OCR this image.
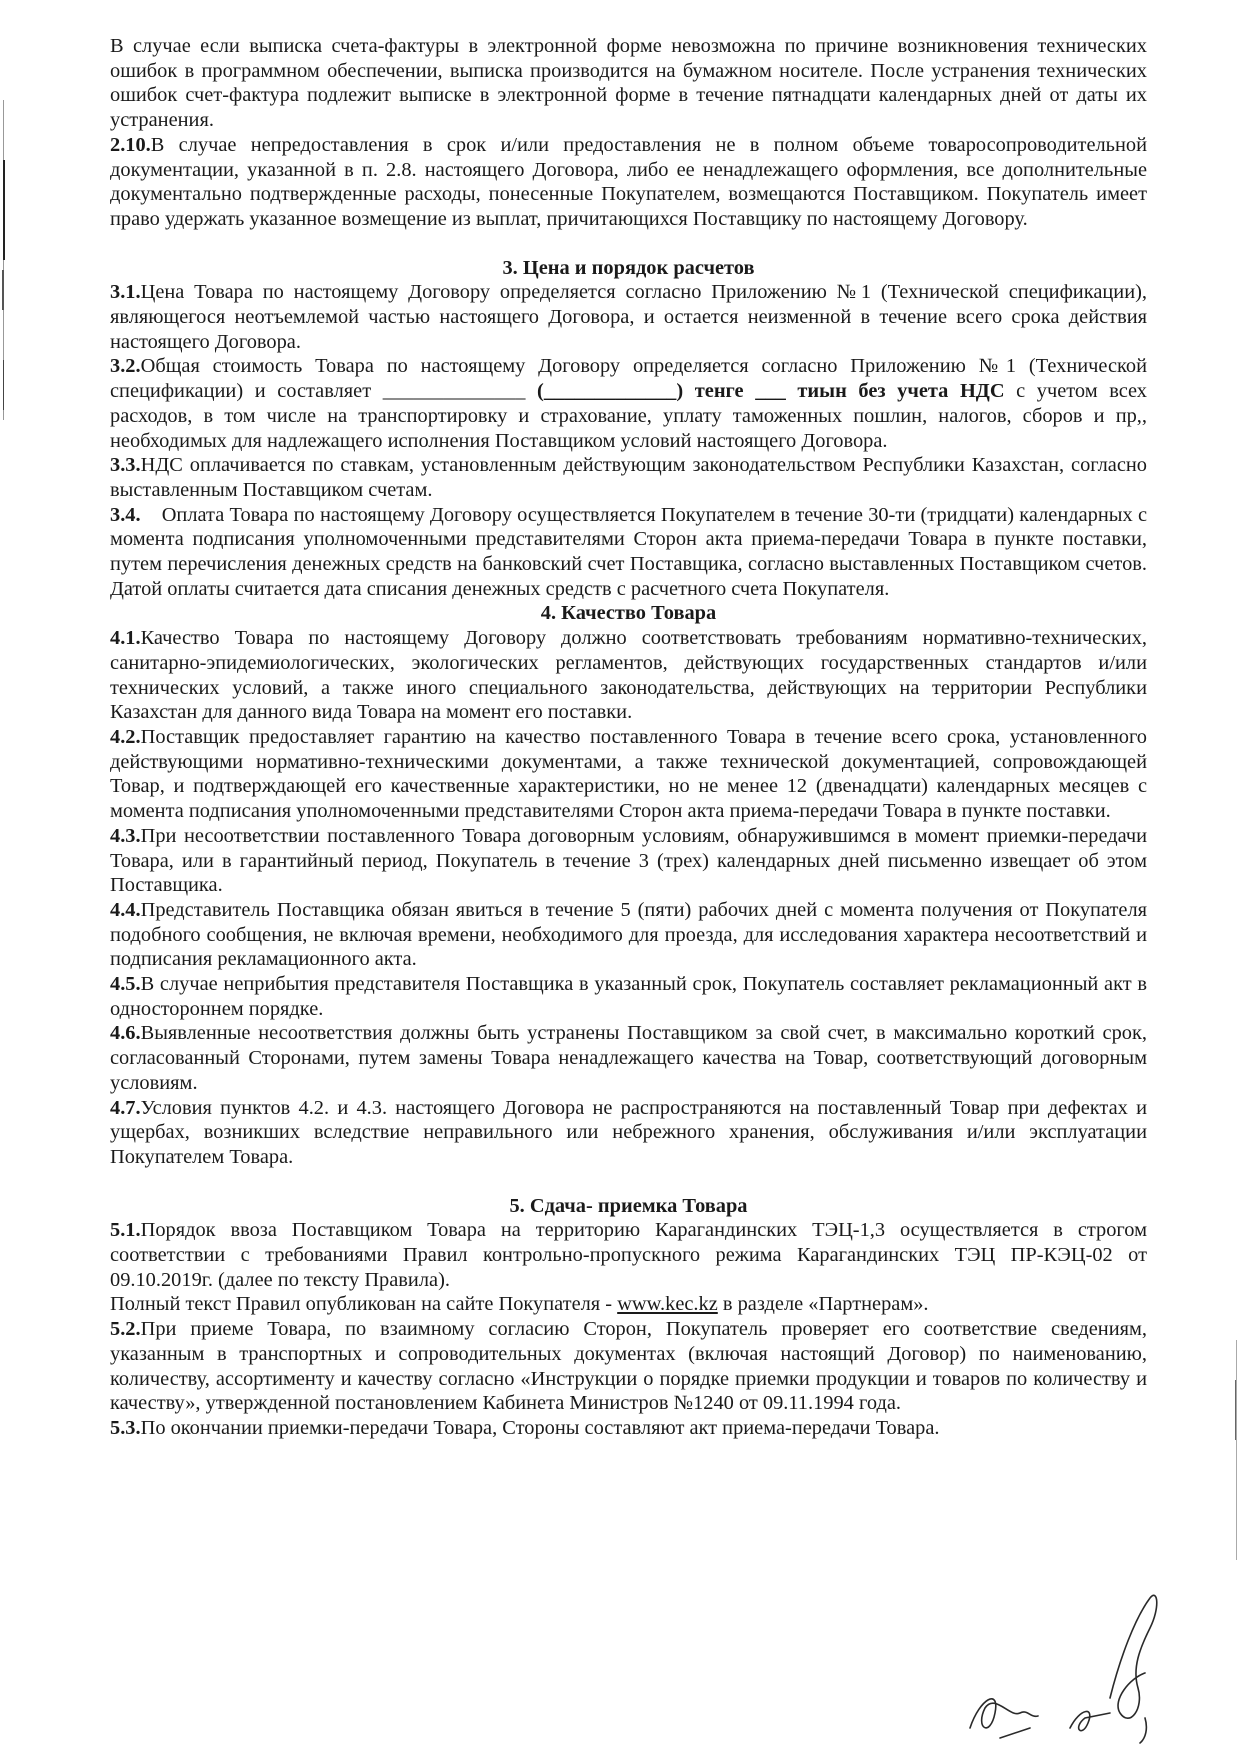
В случае если выписка счета-фактуры в электронной форме невозможна по причине возникновения технических ошибок в программном обеспечении, выписка производится на бумажном носителе. После устранения технических ошибок счет-фактура подлежит выписке в электронной форме в течение пятнадцати календарных дней от даты их устранения.

2.10.В случае непредоставления в срок и/или предоставления не в полном объеме товаросопроводительной документации, указанной в п. 2.8. настоящего Договора, либо ее ненадлежащего оформления, все дополнительные документально подтвержденные расходы, понесенные Покупателем, возмещаются Поставщиком. Покупатель имеет право удержать указанное возмещение из выплат, причитающихся Поставщику по настоящему Договору.

3. Цена и порядок расчетов

3.1.Цена Товара по настоящему Договору определяется согласно Приложению №1 (Технической спецификации), являющегося неотъемлемой частью настоящего Договора, и остается неизменной в течение всего срока действия настоящего Договора.

3.2.Общая стоимость Товара по настоящему Договору определяется согласно Приложению №1 (Технической спецификации) и составляет ______________ (_____________) тенге ___ тиын без учета НДС с учетом всех расходов, в том числе на транспортировку и страхование, уплату таможенных пошлин, налогов, сборов и пр,, необходимых для надлежащего исполнения Поставщиком условий настоящего Договора.

3.3.НДС оплачивается по ставкам, установленным действующим законодательством Республики Казахстан, согласно выставленным Поставщиком счетам.

3.4. Оплата Товара по настоящему Договору осуществляется Покупателем в течение 30-ти (тридцати) календарных с момента подписания уполномоченными представителями Сторон акта приема-передачи Товара в пункте поставки, путем перечисления денежных средств на банковский счет Поставщика, согласно выставленных Поставщиком счетов. Датой оплаты считается дата списания денежных средств с расчетного счета Покупателя.

4. Качество Товара

4.1.Качество Товара по настоящему Договору должно соответствовать требованиям нормативно-технических, санитарно-эпидемиологических, экологических регламентов, действующих государственных стандартов и/или технических условий, а также иного специального законодательства, действующих на территории Республики Казахстан для данного вида Товара на момент его поставки.

4.2.Поставщик предоставляет гарантию на качество поставленного Товара в течение всего срока, установленного действующими нормативно-техническими документами, а также технической документацией, сопровождающей Товар, и подтверждающей его качественные характеристики, но не менее 12 (двенадцати) календарных месяцев с момента подписания уполномоченными представителями Сторон акта приема-передачи Товара в пункте поставки.

4.3.При несоответствии поставленного Товара договорным условиям, обнаружившимся в момент приемки-передачи Товара, или в гарантийный период, Покупатель в течение 3 (трех) календарных дней письменно извещает об этом Поставщика.

4.4.Представитель Поставщика обязан явиться в течение 5 (пяти) рабочих дней с момента получения от Покупателя подобного сообщения, не включая времени, необходимого для проезда, для исследования характера несоответствий и подписания рекламационного акта.

4.5.В случае неприбытия представителя Поставщика в указанный срок, Покупатель составляет рекламационный акт в одностороннем порядке.

4.6.Выявленные несоответствия должны быть устранены Поставщиком за свой счет, в максимально короткий срок, согласованный Сторонами, путем замены Товара ненадлежащего качества на Товар, соответствующий договорным условиям.

4.7.Условия пунктов 4.2. и 4.3. настоящего Договора не распространяются на поставленный Товар при дефектах и ущербах, возникших вследствие неправильного или небрежного хранения, обслуживания и/или эксплуатации Покупателем Товара.

5. Сдача- приемка Товара

5.1.Порядок ввоза Поставщиком Товара на территорию Карагандинских ТЭЦ-1,3 осуществляется в строгом соответствии с требованиями Правил контрольно-пропускного режима Карагандинских ТЭЦ ПР-КЭЦ-02 от 09.10.2019г. (далее по тексту Правила).

Полный текст Правил опубликован на сайте Покупателя - www.kec.kz в разделе «Партнерам».

5.2.При приеме Товара, по взаимному согласию Сторон, Покупатель проверяет его соответствие сведениям, указанным в транспортных и сопроводительных документах (включая настоящий Договор) по наименованию, количеству, ассортименту и качеству согласно «Инструкции о порядке приемки продукции и товаров по количеству и качеству», утвержденной постановлением Кабинета Министров №1240 от 09.11.1994 года.

5.3.По окончании приемки-передачи Товара, Стороны составляют акт приема-передачи Товара.
